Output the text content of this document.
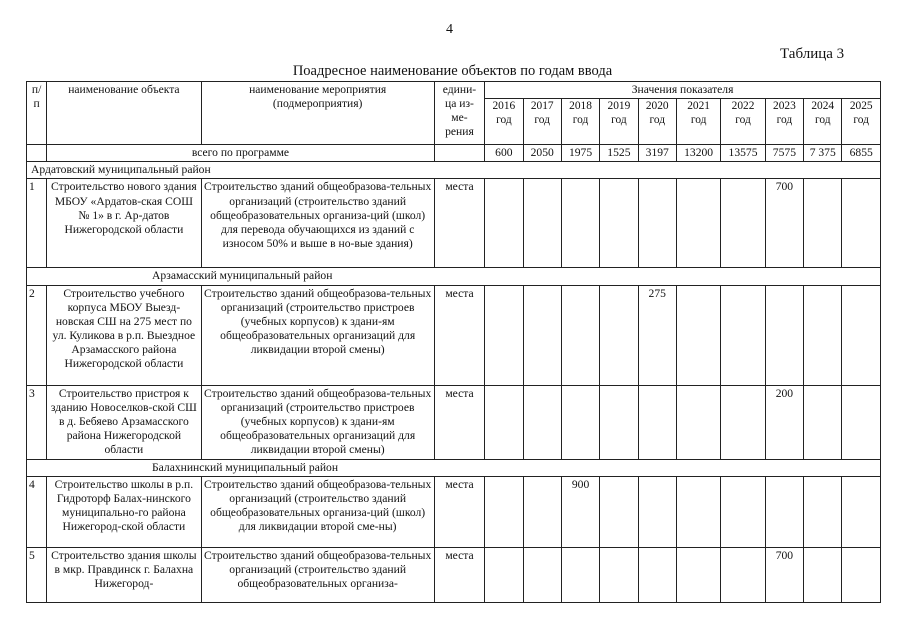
4
Таблица 3
Поадресное наименование объектов по годам ввода
п/ п	наименование объекта	наименование мероприятия (подмероприятия)	едини- ца из- ме- рения	Значения показателя									
				2016 год	2017 год	2018 год	2019 год	2020 год	2021 год	2022 год	2023 год	2024 год	2025 год
	всего по программе			600	2050	1975	1525	3197	13200	13575	7575	7 375	6855
Ардатовский муниципальный район													
1	Строительство нового здания МБОУ «Ардатов-ская СОШ № 1» в г. Ар-датов Нижегородской области	Строительство зданий общеобразова-тельных организаций (строительство зданий общеобразовательных организа-ций (школ) для перевода обучающихся из зданий с износом 50% и выше в но-вые здания)	места								700		
Арзамасский муниципальный район													
2	Строительство учебного корпуса МБОУ Выезд-новская СШ на 275 мест по ул. Куликова в р.п. Выездное Арзамасского района Нижегородской области	Строительство зданий общеобразова-тельных организаций (строительство пристроев (учебных корпусов) к здани-ям общеобразовательных организаций для ликвидации второй смены)	места					275					
3	Строительство пристроя к зданию Новоселков-ской СШ в д. Бебяево Арзамасского района Нижегородской области	Строительство зданий общеобразова-тельных организаций (строительство пристроев (учебных корпусов) к здани-ям общеобразовательных организаций для ликвидации второй смены)	места								200		
Балахнинский муниципальный район													
4	Строительство школы в р.п. Гидроторф Балах-нинского муниципально-го района Нижегород-ской области	Строительство зданий общеобразова-тельных организаций (строительство зданий общеобразовательных организа-ций (школ) для ликвидации второй сме-ны)	места			900							
5	Строительство здания школы в мкр. Правдинск г. Балахна Нижегород-	Строительство зданий общеобразова-тельных организаций (строительство зданий общеобразовательных организа-	места								700		
